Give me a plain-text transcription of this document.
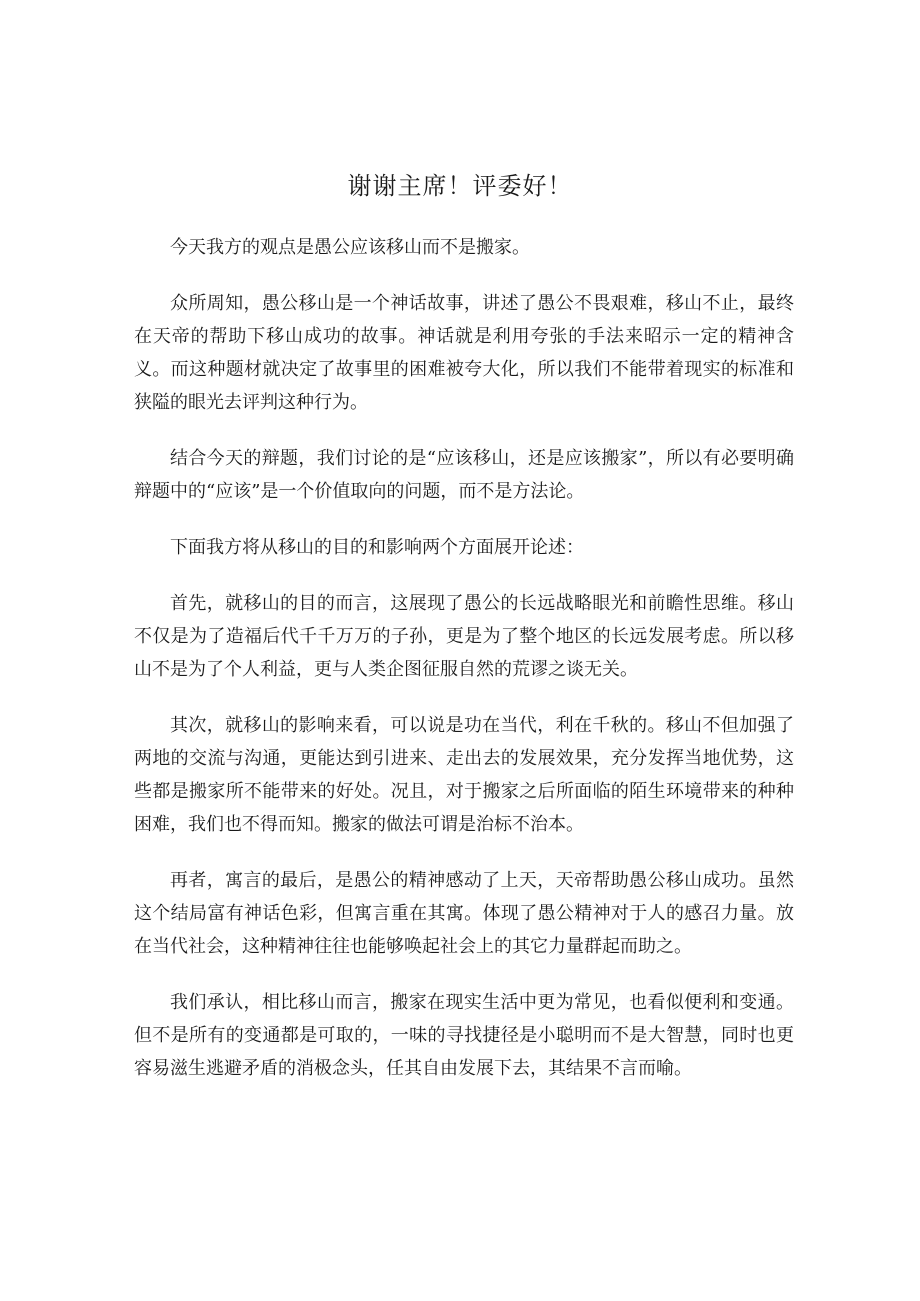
谢谢主席！评委好！

今天我方的观点是愚公应该移山而不是搬家。

众所周知，愚公移山是一个神话故事，讲述了愚公不畏艰难，移山不止，最终在天帝的帮助下移山成功的故事。神话就是利用夸张的手法来昭示一定的精神含义。而这种题材就决定了故事里的困难被夸大化，所以我们不能带着现实的标准和狭隘的眼光去评判这种行为。

结合今天的辩题，我们讨论的是“应该移山，还是应该搬家”，所以有必要明确辩题中的“应该”是一个价值取向的问题，而不是方法论。

下面我方将从移山的目的和影响两个方面展开论述：

首先，就移山的目的而言，这展现了愚公的长远战略眼光和前瞻性思维。移山不仅是为了造福后代千千万万的子孙，更是为了整个地区的长远发展考虑。所以移山不是为了个人利益，更与人类企图征服自然的荒谬之谈无关。

其次，就移山的影响来看，可以说是功在当代，利在千秋的。移山不但加强了两地的交流与沟通，更能达到引进来、走出去的发展效果，充分发挥当地优势，这些都是搬家所不能带来的好处。况且，对于搬家之后所面临的陌生环境带来的种种困难，我们也不得而知。搬家的做法可谓是治标不治本。

再者，寓言的最后，是愚公的精神感动了上天，天帝帮助愚公移山成功。虽然这个结局富有神话色彩，但寓言重在其寓。体现了愚公精神对于人的感召力量。放在当代社会，这种精神往往也能够唤起社会上的其它力量群起而助之。

我们承认，相比移山而言，搬家在现实生活中更为常见，也看似便利和变通。但不是所有的变通都是可取的，一味的寻找捷径是小聪明而不是大智慧，同时也更容易滋生逃避矛盾的消极念头，任其自由发展下去，其结果不言而喻。
